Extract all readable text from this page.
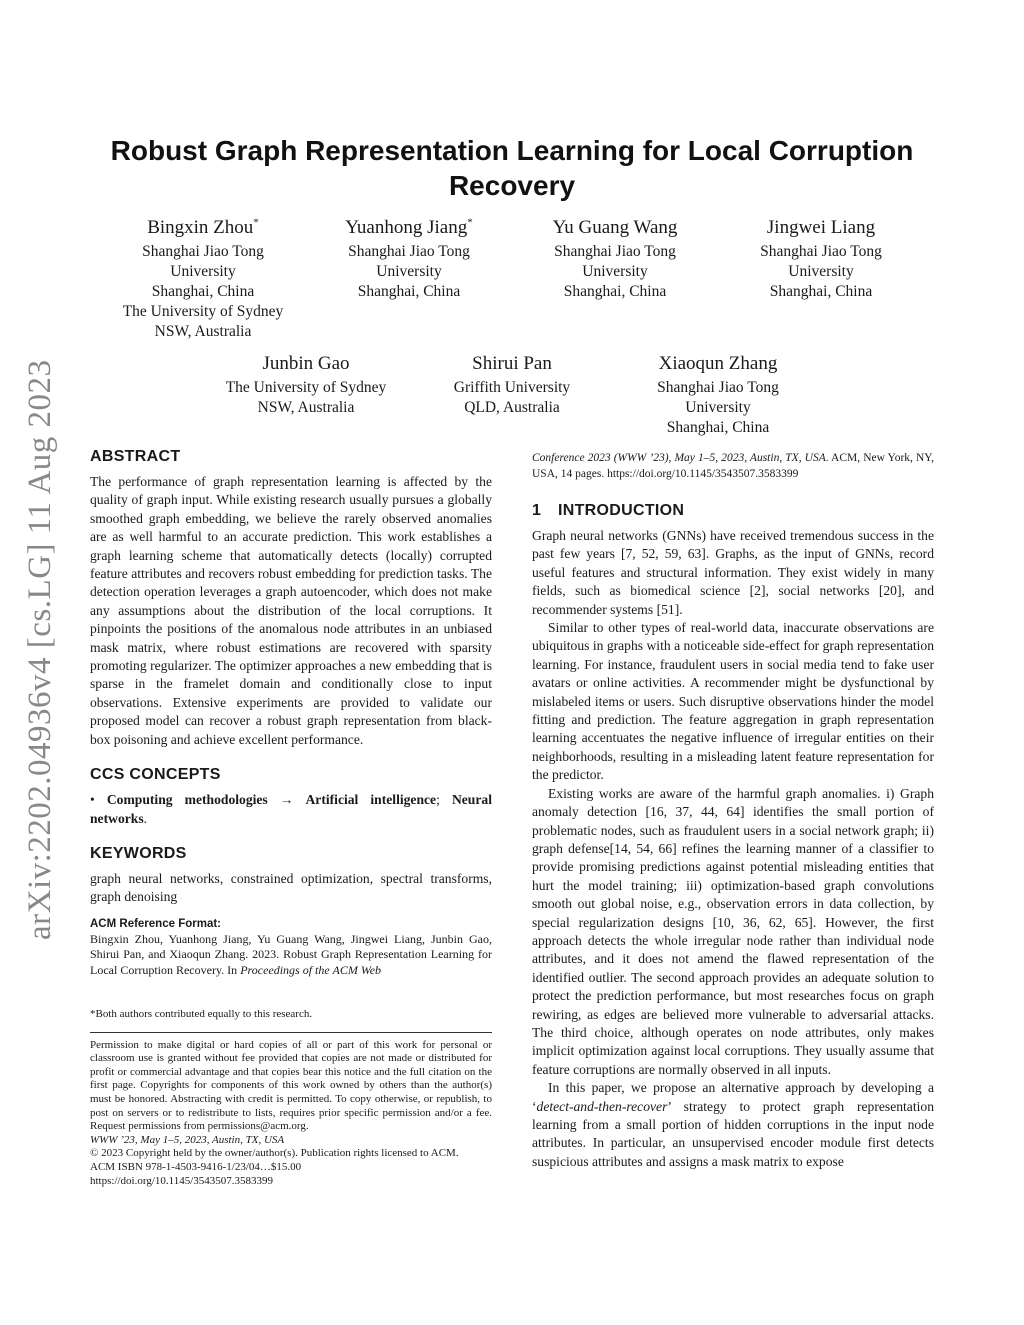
arXiv:2202.04936v4 [cs.LG] 11 Aug 2023
Robust Graph Representation Learning for Local Corruption Recovery
Bingxin Zhou*
Shanghai Jiao Tong
University
Shanghai, China
The University of Sydney
NSW, Australia
Yuanhong Jiang*
Shanghai Jiao Tong
University
Shanghai, China
Yu Guang Wang
Shanghai Jiao Tong
University
Shanghai, China
Jingwei Liang
Shanghai Jiao Tong
University
Shanghai, China
Junbin Gao
The University of Sydney
NSW, Australia
Shirui Pan
Griffith University
QLD, Australia
Xiaoqun Zhang
Shanghai Jiao Tong
University
Shanghai, China
ABSTRACT

The performance of graph representation learning is affected by the quality of graph input. While existing research usually pursues a globally smoothed graph embedding, we believe the rarely observed anomalies are as well harmful to an accurate prediction. This work establishes a graph learning scheme that automatically detects (locally) corrupted feature attributes and recovers robust embedding for prediction tasks. The detection operation leverages a graph autoencoder, which does not make any assumptions about the distribution of the local corruptions. It pinpoints the positions of the anomalous node attributes in an unbiased mask matrix, where robust estimations are recovered with sparsity promoting regularizer. The optimizer approaches a new embedding that is sparse in the framelet domain and conditionally close to input observations. Extensive experiments are provided to validate our proposed model can recover a robust graph representation from black-box poisoning and achieve excellent performance.

CCS CONCEPTS

• Computing methodologies → Artificial intelligence; Neural networks.

KEYWORDS

graph neural networks, constrained optimization, spectral transforms, graph denoising

ACM Reference Format:

Bingxin Zhou, Yuanhong Jiang, Yu Guang Wang, Jingwei Liang, Junbin Gao, Shirui Pan, and Xiaoqun Zhang. 2023. Robust Graph Representation Learning for Local Corruption Recovery. In Proceedings of the ACM Web

*Both authors contributed equally to this research.

Permission to make digital or hard copies of all or part of this work for personal or classroom use is granted without fee provided that copies are not made or distributed for profit or commercial advantage and that copies bear this notice and the full citation on the first page. Copyrights for components of this work owned by others than the author(s) must be honored. Abstracting with credit is permitted. To copy otherwise, or republish, to post on servers or to redistribute to lists, requires prior specific permission and/or a fee. Request permissions from permissions@acm.org.

WWW ’23, May 1–5, 2023, Austin, TX, USA

© 2023 Copyright held by the owner/author(s). Publication rights licensed to ACM.

ACM ISBN 978-1-4503-9416-1/23/04…$15.00

https://doi.org/10.1145/3543507.3583399

Conference 2023 (WWW ’23), May 1–5, 2023, Austin, TX, USA. ACM, New York, NY, USA, 14 pages. https://doi.org/10.1145/3543507.3583399

1 INTRODUCTION

Graph neural networks (GNNs) have received tremendous success in the past few years [7, 52, 59, 63]. Graphs, as the input of GNNs, record useful features and structural information. They exist widely in many fields, such as biomedical science [2], social networks [20], and recommender systems [51].

Similar to other types of real-world data, inaccurate observations are ubiquitous in graphs with a noticeable side-effect for graph representation learning. For instance, fraudulent users in social media tend to fake user avatars or online activities. A recommender might be dysfunctional by mislabeled items or users. Such disruptive observations hinder the model fitting and prediction. The feature aggregation in graph representation learning accentuates the negative influence of irregular entities on their neighborhoods, resulting in a misleading latent feature representation for the predictor.

Existing works are aware of the harmful graph anomalies. i) Graph anomaly detection [16, 37, 44, 64] identifies the small portion of problematic nodes, such as fraudulent users in a social network graph; ii) graph defense[14, 54, 66] refines the learning manner of a classifier to provide promising predictions against potential misleading entities that hurt the model training; iii) optimization-based graph convolutions smooth out global noise, e.g., observation errors in data collection, by special regularization designs [10, 36, 62, 65]. However, the first approach detects the whole irregular node rather than individual node attributes, and it does not amend the flawed representation of the identified outlier. The second approach provides an adequate solution to protect the prediction performance, but most researches focus on graph rewiring, as edges are believed more vulnerable to adversarial attacks. The third choice, although operates on node attributes, only makes implicit optimization against local corruptions. They usually assume that feature corruptions are normally observed in all inputs.

In this paper, we propose an alternative approach by developing a ‘detect-and-then-recover’ strategy to protect graph representation learning from a small portion of hidden corruptions in the input node attributes. In particular, an unsupervised encoder module first detects suspicious attributes and assigns a mask matrix to expose
